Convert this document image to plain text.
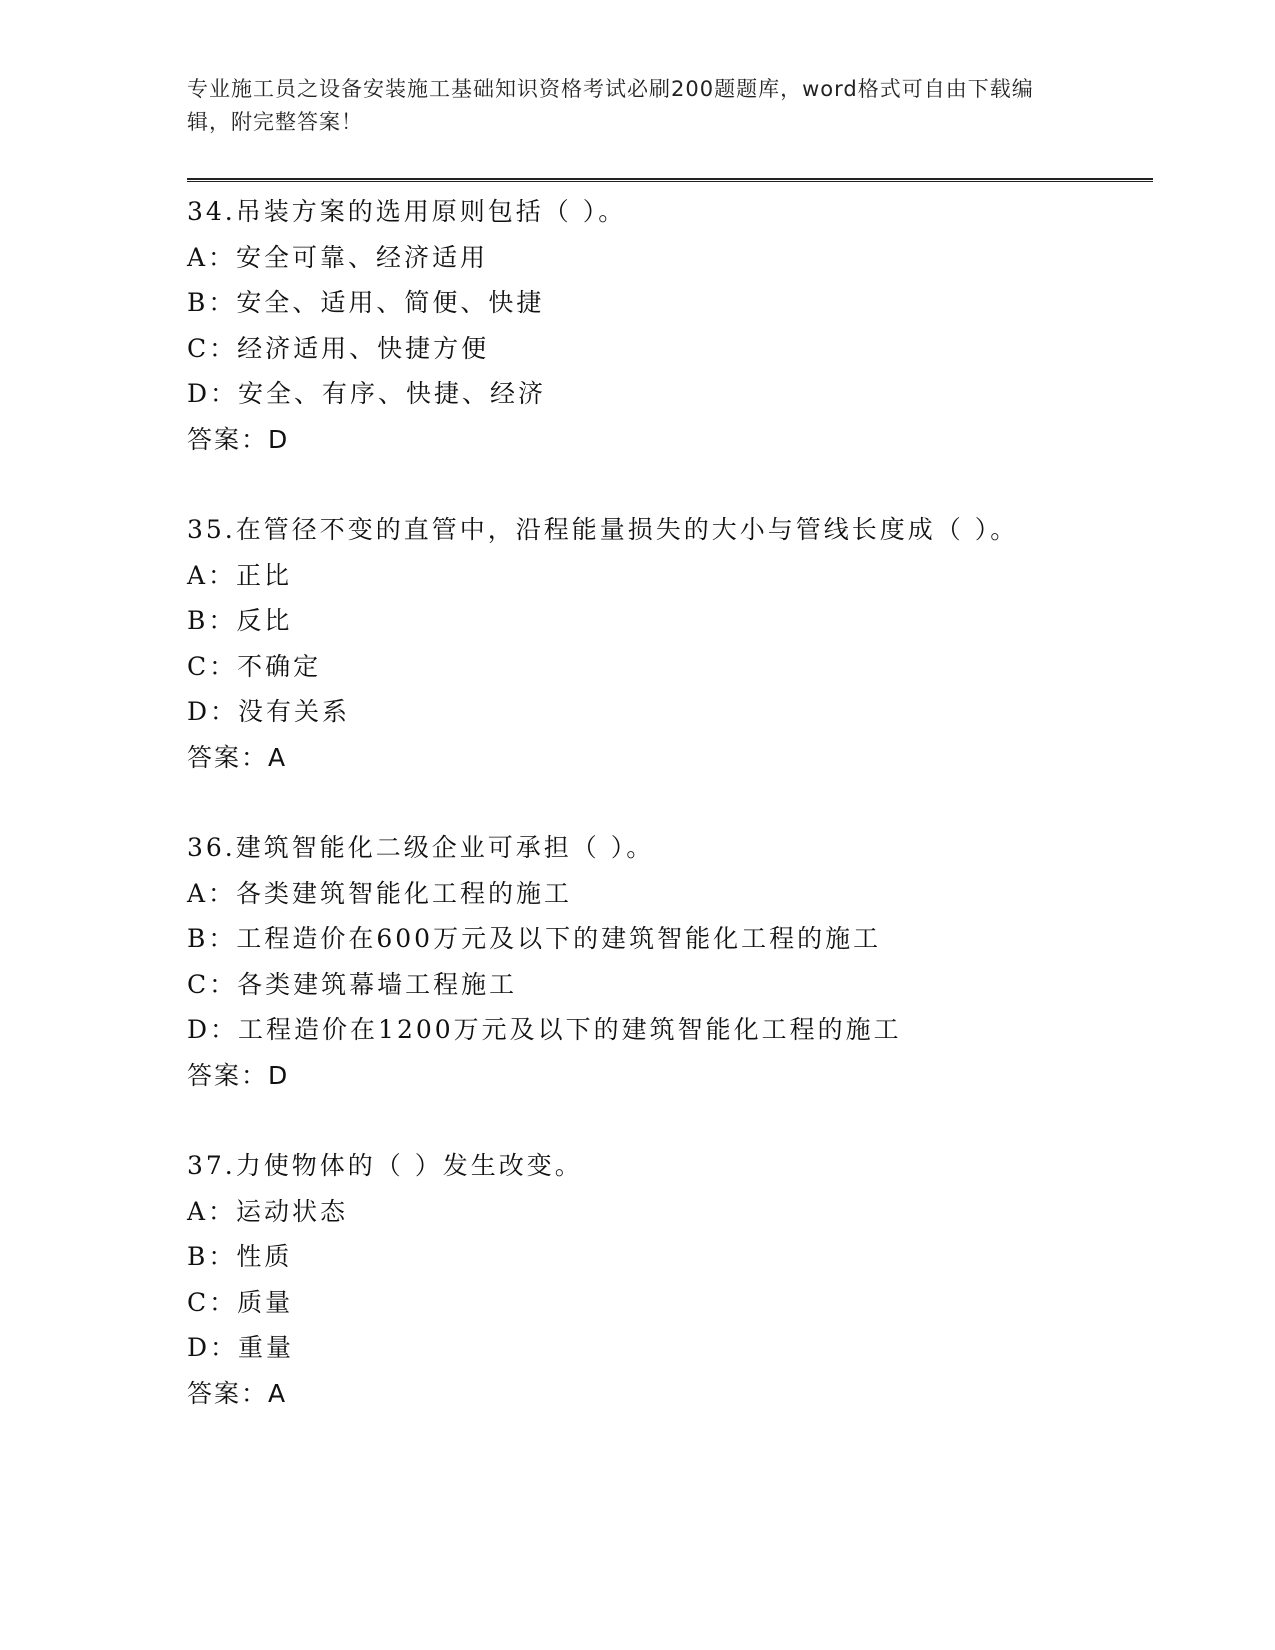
专业施工员之设备安装施工基础知识资格考试必刷200题题库，word格式可自由下载编辑，附完整答案！
34.吊装方案的选用原则包括（ ）。
A：安全可靠、经济适用
B：安全、适用、简便、快捷
C：经济适用、快捷方便
D：安全、有序、快捷、经济
答案：D
35.在管径不变的直管中，沿程能量损失的大小与管线长度成（ ）。
A：正比
B：反比
C：不确定
D：没有关系
答案：A
36.建筑智能化二级企业可承担（ ）。
A：各类建筑智能化工程的施工
B：工程造价在600万元及以下的建筑智能化工程的施工
C：各类建筑幕墙工程施工
D：工程造价在1200万元及以下的建筑智能化工程的施工
答案：D
37.力使物体的（ ）发生改变。
A：运动状态
B：性质
C：质量
D：重量
答案：A
